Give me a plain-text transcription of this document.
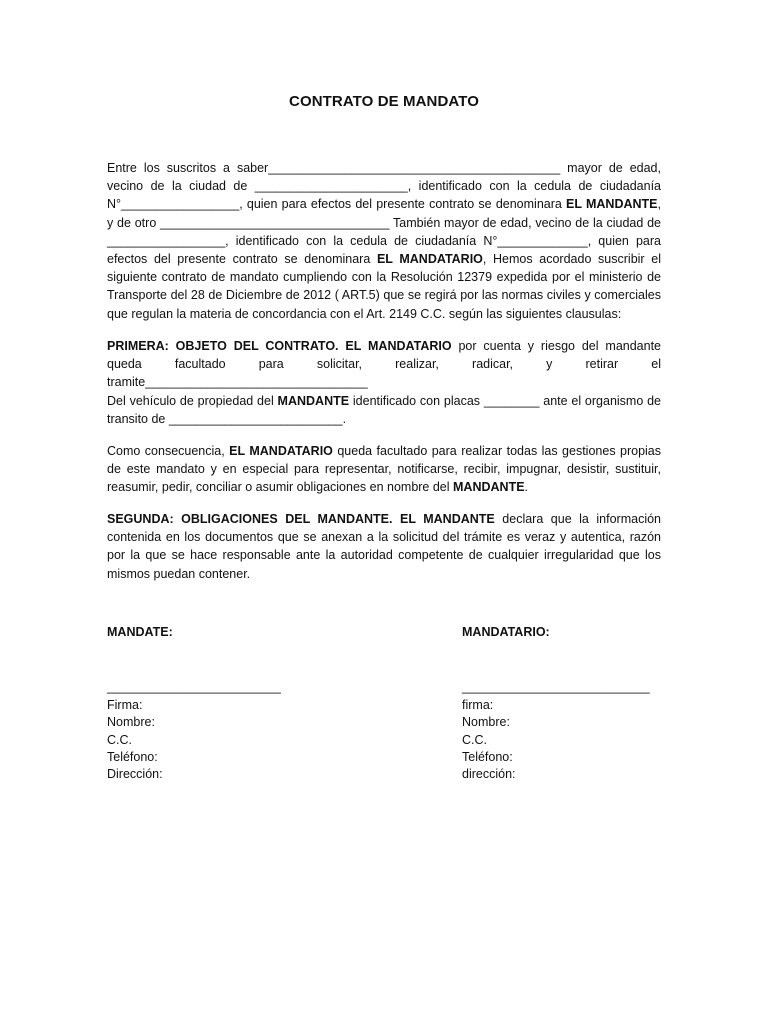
CONTRATO DE MANDATO
Entre los suscritos a saber__________________________________________ mayor de edad, vecino de la ciudad de ______________________, identificado con la cedula de ciudadanía N°_________________, quien para efectos del presente contrato se denominara EL MANDANTE, y de otro _________________________________ También mayor de edad, vecino de la ciudad de _________________, identificado con la cedula de ciudadanía N°_____________, quien para efectos del presente contrato se denominara EL MANDATARIO, Hemos acordado suscribir el siguiente contrato de mandato cumpliendo con la Resolución 12379 expedida por el ministerio de Transporte del 28 de Diciembre de 2012 ( ART.5) que se regirá por las normas civiles y comerciales que regulan la materia de concordancia con el Art. 2149 C.C. según las siguientes clausulas:
PRIMERA: OBJETO DEL CONTRATO. EL MANDATARIO por cuenta y riesgo del mandante queda facultado para solicitar, realizar, radicar, y retirar el tramite________________________________
Del vehículo de propiedad del MANDANTE identificado con placas ________ ante el organismo de transito de _________________________.
Como consecuencia, EL MANDATARIO queda facultado para realizar todas las gestiones propias de este mandato y en especial para representar, notificarse, recibir, impugnar, desistir, sustituir, reasumir, pedir, conciliar o asumir obligaciones en nombre del MANDANTE.
SEGUNDA: OBLIGACIONES DEL MANDANTE. EL MANDANTE declara que la información contenida en los documentos que se anexan a la solicitud del trámite es veraz y autentica, razón por la que se hace responsable ante la autoridad competente de cualquier irregularidad que los mismos puedan contener.
MANDATE:
_________________________
Firma:
Nombre:
C.C.
Teléfono:
Dirección:
MANDATARIO:
___________________________
firma:
Nombre:
C.C.
Teléfono:
dirección:
